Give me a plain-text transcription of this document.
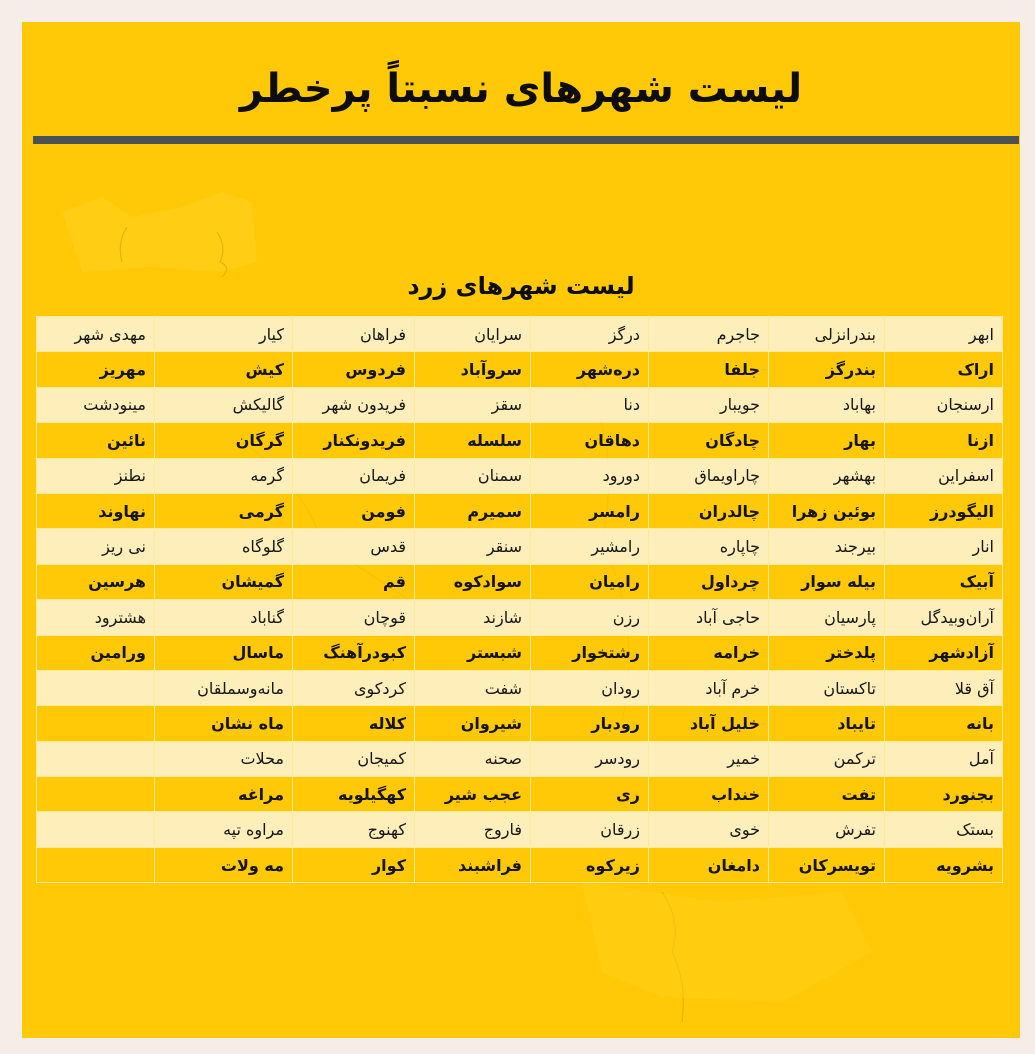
لیست شهرهای نسبتاً پرخطر
لیست شهرهای زرد
ابهر	بندرانزلی	جاجرم	درگز	سرایان	فراهان	کیار	مهدی شهر
اراک	بندرگز	جلفا	دره‌شهر	سروآباد	فردوس	کیش	مهریز
ارسنجان	بهاباد	جویبار	دنا	سقز	فریدون شهر	گالیکش	مینودشت
ازنا	بهار	چادگان	دهاقان	سلسله	فریدونکنار	گرگان	نائین
اسفراین	بهشهر	چاراویماق	دورود	سمنان	فریمان	گرمه	نطنز
الیگودرز	بوئین زهرا	چالدران	رامسر	سمیرم	فومن	گرمی	نهاوند
انار	بیرجند	چاپاره	رامشیر	سنقر	قدس	گلوگاه	نی ریز
آبیک	بیله سوار	چرداول	رامیان	سوادکوه	قم	گمیشان	هرسین
آران‌وبیدگل	پارسیان	حاجی آباد	رزن	شازند	قوچان	گناباد	هشترود
آزادشهر	پلدختر	خرامه	رشتخوار	شبستر	کبودرآهنگ	ماسال	ورامین
آق قلا	تاکستان	خرم آباد	رودان	شفت	کردکوی	مانه‌وسملقان	
بانه	تایباد	خلیل آباد	رودبار	شیروان	کلاله	ماه نشان	
آمل	ترکمن	خمیر	رودسر	صحنه	کمیجان	محلات	
بجنورد	تفت	خنداب	ری	عجب شیر	کهگیلویه	مراغه	
بستک	تفرش	خوی	زرقان	فاروج	کهنوج	مراوه تپه	
بشرویه	تویسرکان	دامغان	زیرکوه	فراشبند	کوار	مه ولات	
